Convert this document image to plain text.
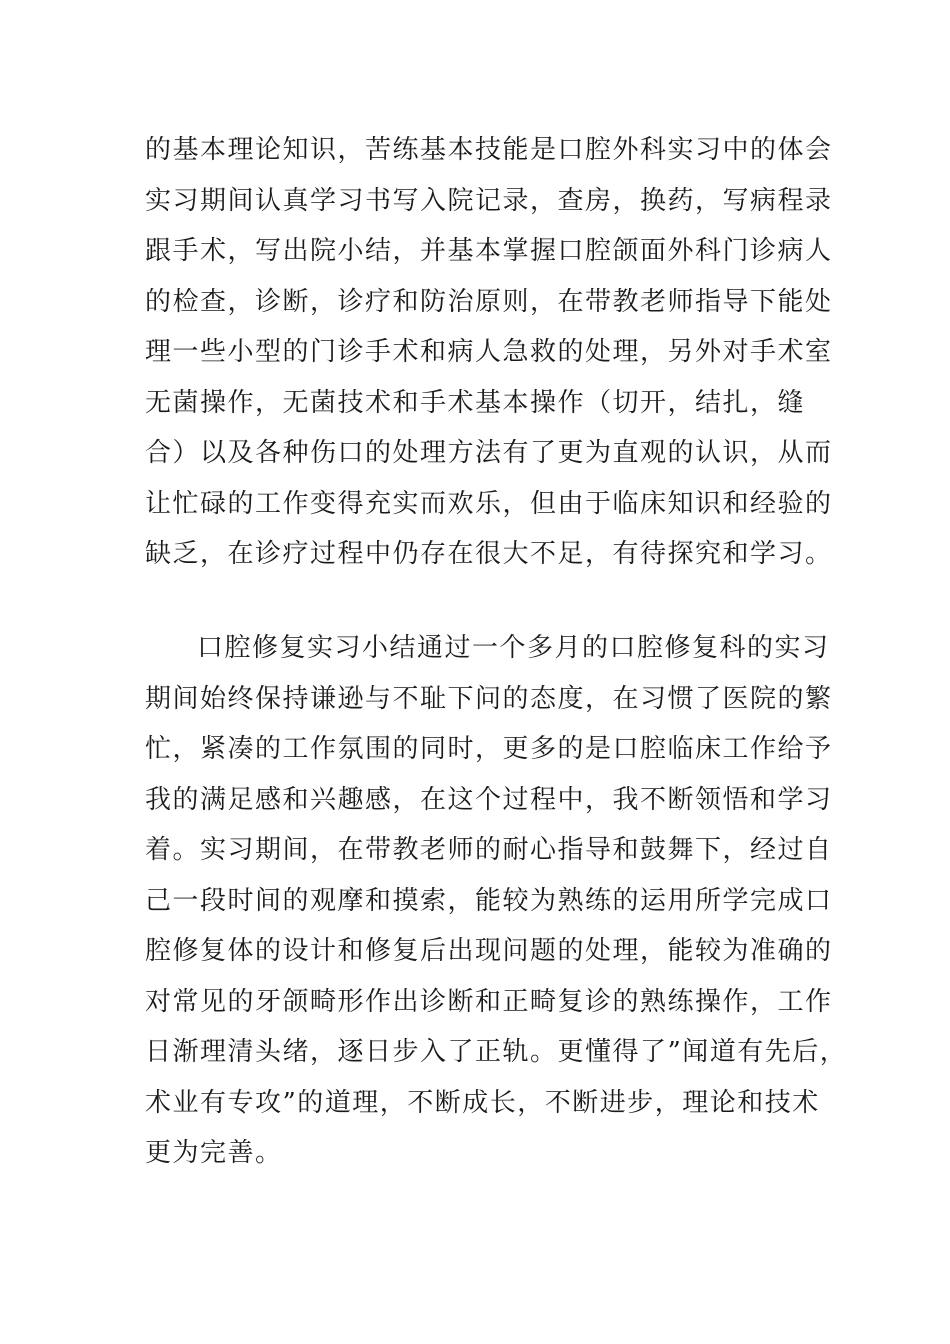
的基本理论知识，苦练基本技能是口腔外科实习中的体会

实习期间认真学习书写入院记录，查房，换药，写病程录

跟手术，写出院小结，并基本掌握口腔颌面外科门诊病人

的检查，诊断，诊疗和防治原则，在带教老师指导下能处

理一些小型的门诊手术和病人急救的处理，另外对手术室

无菌操作，无菌技术和手术基本操作（切开，结扎，缝

合）以及各种伤口的处理方法有了更为直观的认识，从而

让忙碌的工作变得充实而欢乐，但由于临床知识和经验的

缺乏，在诊疗过程中仍存在很大不足，有待探究和学习。

口腔修复实习小结通过一个多月的口腔修复科的实习

期间始终保持谦逊与不耻下问的态度，在习惯了医院的繁

忙，紧凑的工作氛围的同时，更多的是口腔临床工作给予

我的满足感和兴趣感，在这个过程中，我不断领悟和学习

着。实习期间，在带教老师的耐心指导和鼓舞下，经过自

己一段时间的观摩和摸索，能较为熟练的运用所学完成口

腔修复体的设计和修复后出现问题的处理，能较为准确的

对常见的牙颌畸形作出诊断和正畸复诊的熟练操作，工作

日渐理清头绪，逐日步入了正轨。更懂得了”闻道有先后，

术业有专攻”的道理，不断成长，不断进步，理论和技术

更为完善。
